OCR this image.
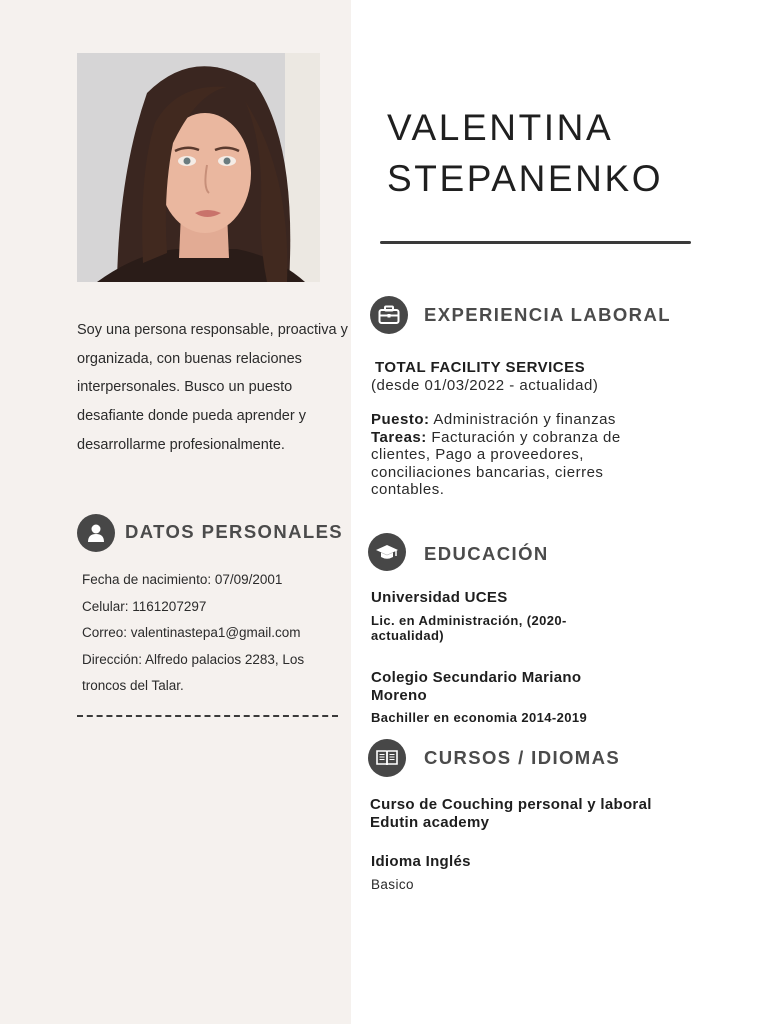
Soy una persona responsable, proactiva y organizada, con buenas relaciones interpersonales. Busco un puesto desafiante donde pueda aprender y desarrollarme profesionalmente.
DATOS PERSONALES
Fecha de nacimiento: 07/09/2001
Celular: 1161207297
Correo: valentinastepa1@gmail.com
Dirección: Alfredo palacios 2283, Los troncos del Talar.
VALENTINA
STEPANENKO
EXPERIENCIA LABORAL
TOTAL FACILITY SERVICES
(desde 01/03/2022 - actualidad)
Puesto: Administración y finanzas
Tareas: Facturación y cobranza de clientes, Pago a proveedores, conciliaciones bancarias, cierres contables.
EDUCACIÓN
Universidad UCES
Lic. en Administración, (2020-actualidad)
Colegio Secundario Mariano Moreno
Bachiller en economia 2014-2019
CURSOS / IDIOMAS
Curso de Couching personal y laboral Edutin academy
Idioma Inglés
Basico
